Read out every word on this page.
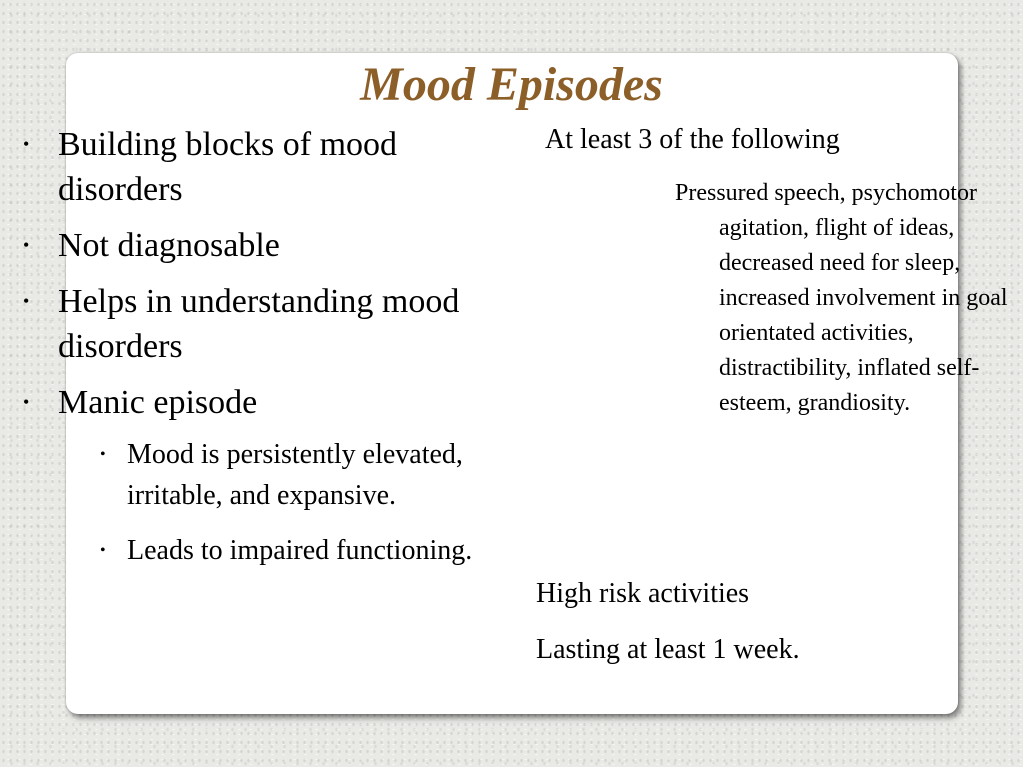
Mood Episodes
• Building blocks of mood disorders
• Not diagnosable
• Helps in understanding mood disorders
• Manic episode
• Mood is persistently elevated, irritable, and expansive.
• Leads to impaired functioning.
At least 3 of the following
Pressured speech, psychomotor agitation, flight of ideas, decreased need for sleep, increased involvement in goal orientated activities, distractibility, inflated self-esteem, grandiosity.
High risk activities
Lasting at least 1 week.
